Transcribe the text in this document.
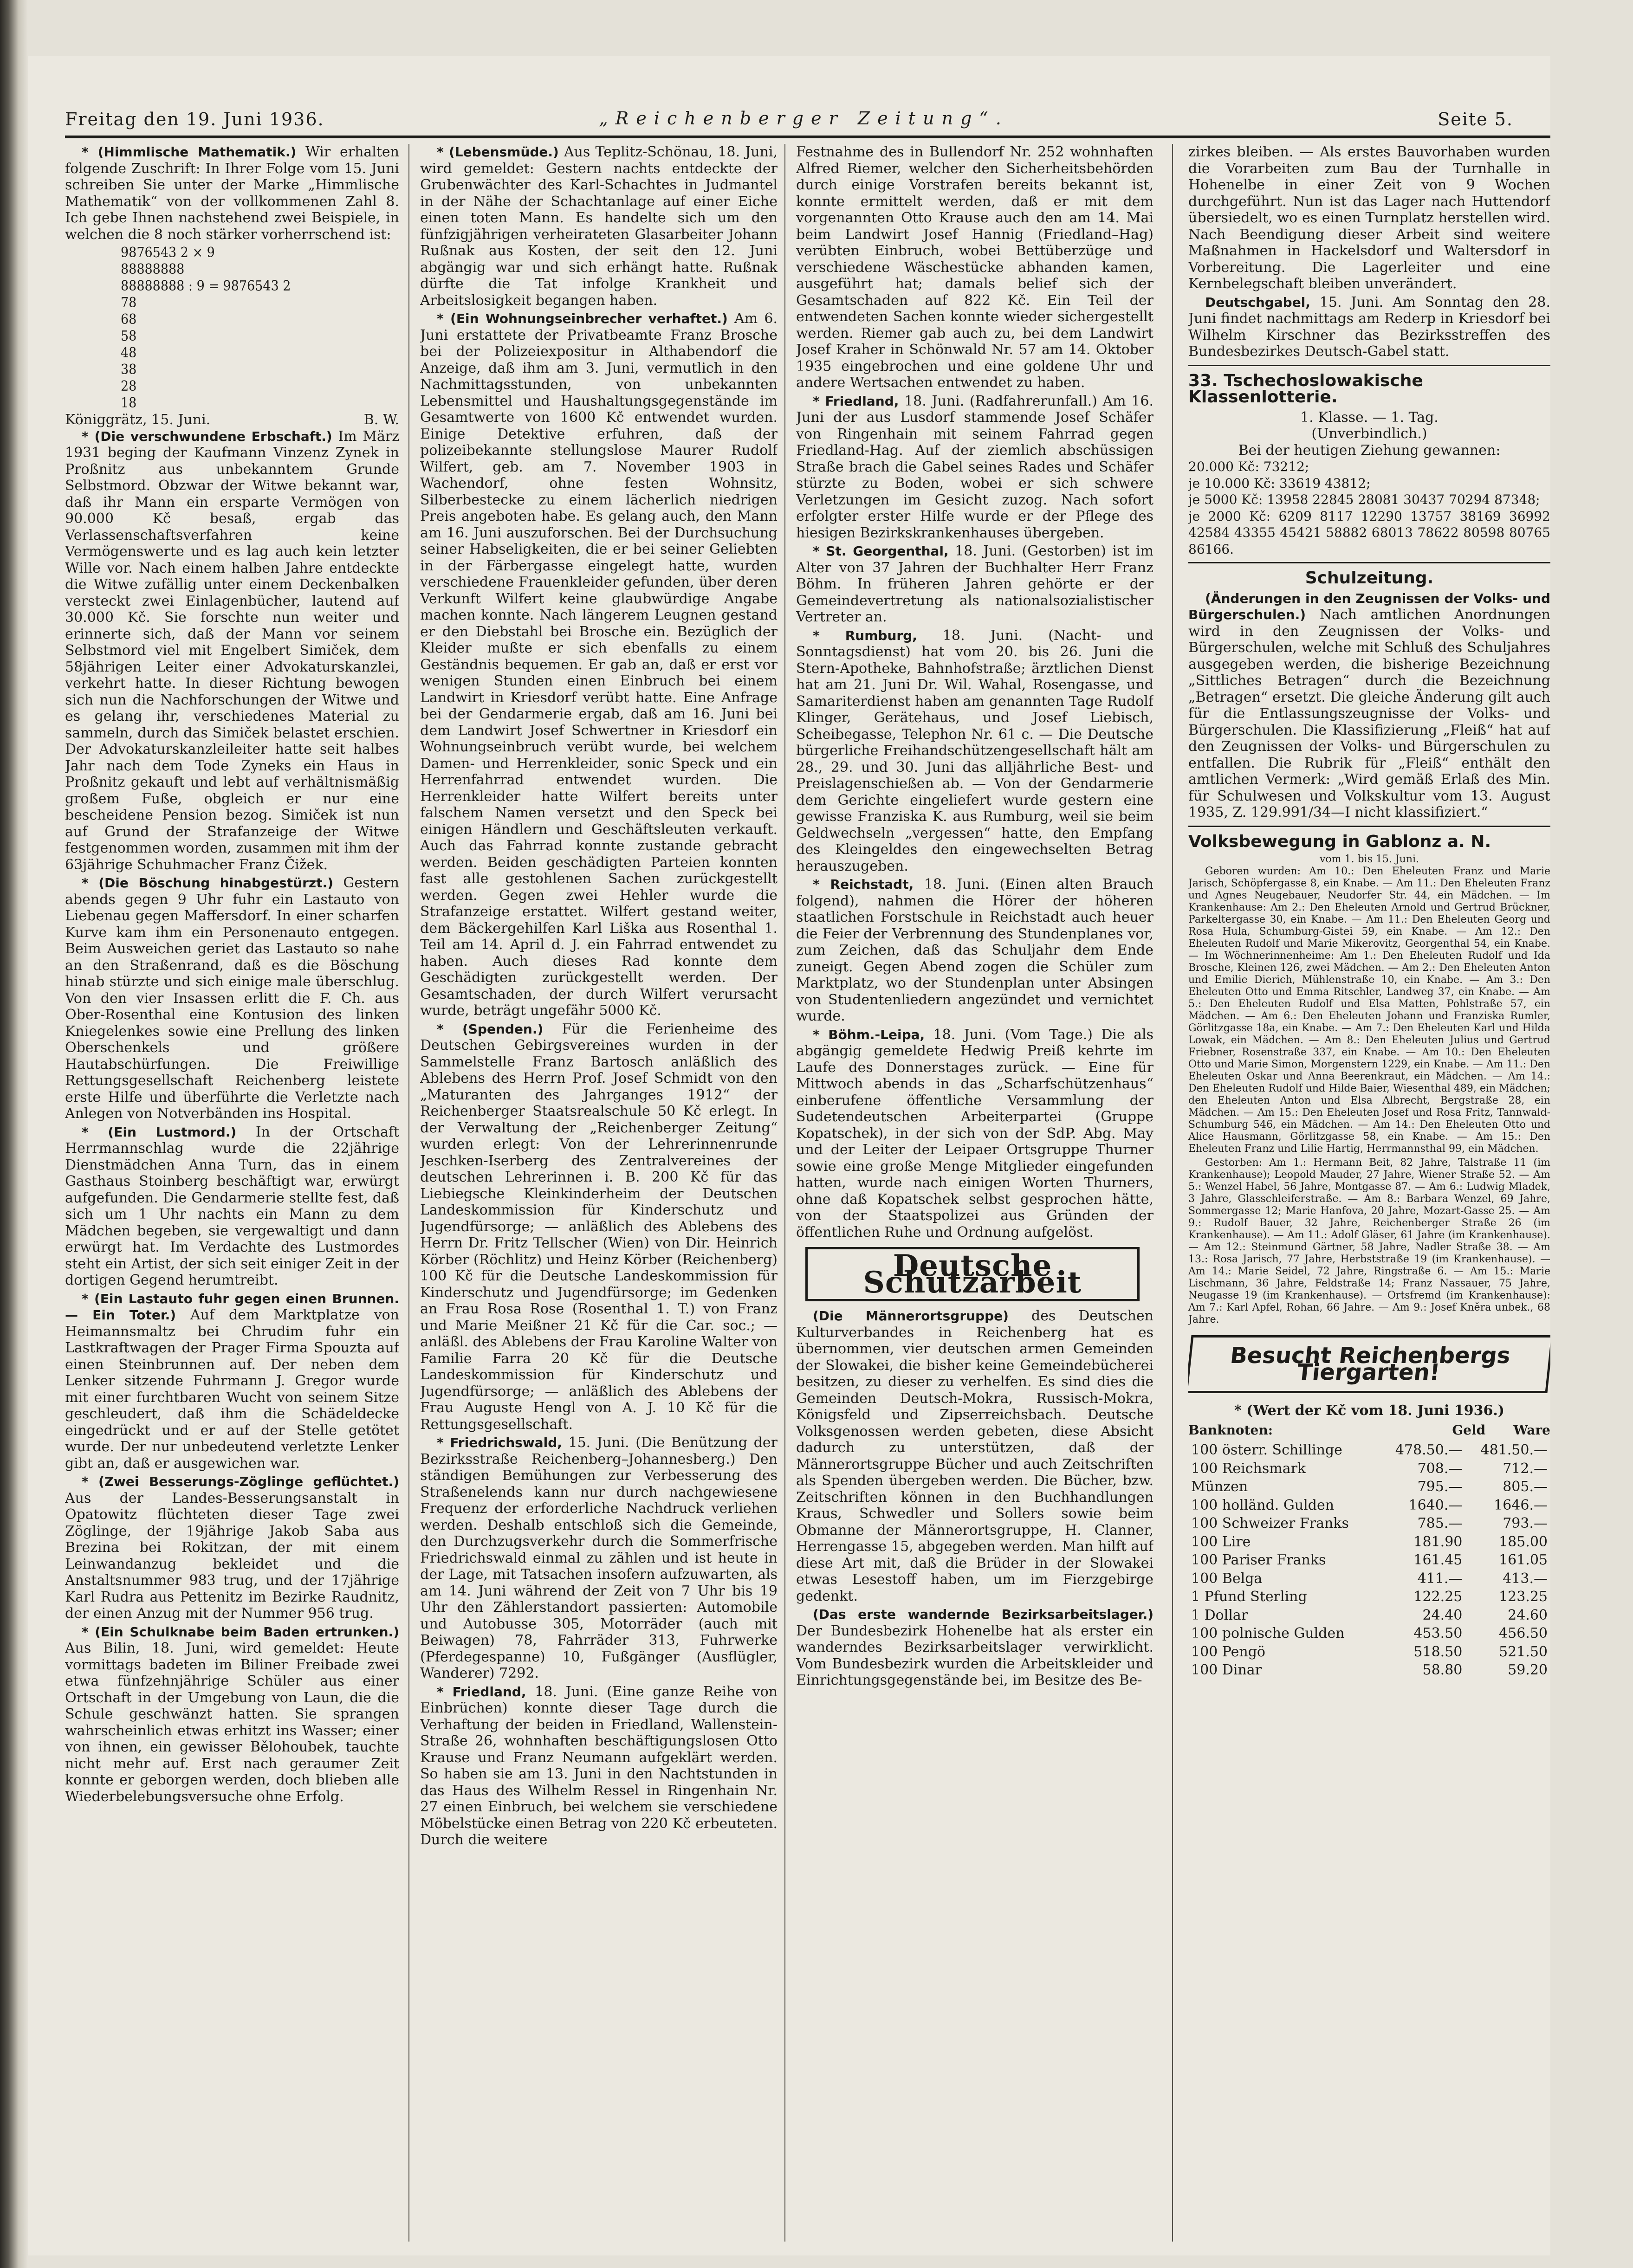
Freitag den 19. Juni 1936.	„Reichenberger Zeitung“.	Seite 5.

* (Himmlische Mathematik.) Wir erhalten folgende Zuschrift: In Ihrer Folge vom 15. Juni schreiben Sie unter der Marke „Himmlische Mathematik“ von der vollkommenen Zahl 8. Ich gebe Ihnen nachstehend zwei Beispiele, in welchen die 8 noch stärker vorherrschend ist:

9876543 2 × 9
88888888
88888888 : 9 = 9876543 2
78
68
58
48
38
28
18
Königgrätz, 15. Juni.	B. W.

* (Die verschwundene Erbschaft.) Im März 1931 beging der Kaufmann Vinzenz Zynek in Proßnitz aus unbekanntem Grunde Selbstmord. Obzwar der Witwe bekannt war, daß ihr Mann ein ersparte Vermögen von 90.000 Kč besaß, ergab das Verlassenschaftsverfahren keine Vermögenswerte und es lag auch kein letzter Wille vor. Nach einem halben Jahre entdeckte die Witwe zufällig unter einem Deckenbalken versteckt zwei Einlagenbücher, lautend auf 30.000 Kč. Sie forschte nun weiter und erinnerte sich, daß der Mann vor seinem Selbstmord viel mit Engelbert Simiček, dem 58jährigen Leiter einer Advokaturskanzlei, verkehrt hatte. In dieser Richtung bewogen sich nun die Nachforschungen der Witwe und es gelang ihr, verschiedenes Material zu sammeln, durch das Simiček belastet erschien. Der Advokaturskanzleileiter hatte seit halbes Jahr nach dem Tode Zyneks ein Haus in Proßnitz gekauft und lebt auf verhältnismäßig großem Fuße, obgleich er nur eine bescheidene Pension bezog. Simiček ist nun auf Grund der Strafanzeige der Witwe festgenommen worden, zusammen mit ihm der 63jährige Schuhmacher Franz Čižek.

* (Die Böschung hinabgestürzt.) Gestern abends gegen 9 Uhr fuhr ein Lastauto von Liebenau gegen Maffersdorf. In einer scharfen Kurve kam ihm ein Personenauto entgegen. Beim Ausweichen geriet das Lastauto so nahe an den Straßenrand, daß es die Böschung hinab stürzte und sich einige male überschlug. Von den vier Insassen erlitt die F. Ch. aus Ober-Rosenthal eine Kontusion des linken Kniegelenkes sowie eine Prellung des linken Oberschenkels und größere Hautabschürfungen. Die Freiwillige Rettungsgesellschaft Reichenberg leistete erste Hilfe und überführte die Verletzte nach Anlegen von Notverbänden ins Hospital.

* (Ein Lustmord.) In der Ortschaft Herrmannschlag wurde die 22jährige Dienstmädchen Anna Turn, das in einem Gasthaus Stoinberg beschäftigt war, erwürgt aufgefunden. Die Gendarmerie stellte fest, daß sich um 1 Uhr nachts ein Mann zu dem Mädchen begeben, sie vergewaltigt und dann erwürgt hat. Im Verdachte des Lustmordes steht ein Artist, der sich seit einiger Zeit in der dortigen Gegend herumtreibt.

* (Ein Lastauto fuhr gegen einen Brunnen. — Ein Toter.) Auf dem Marktplatze von Heimannsmaltz bei Chrudim fuhr ein Lastkraftwagen der Prager Firma Spouzta auf einen Steinbrunnen auf. Der neben dem Lenker sitzende Fuhrmann J. Gregor wurde mit einer furchtbaren Wucht von seinem Sitze geschleudert, daß ihm die Schädeldecke eingedrückt und er auf der Stelle getötet wurde. Der nur unbedeutend verletzte Lenker gibt an, daß er ausgewichen war.

* (Zwei Besserungs-Zöglinge geflüchtet.) Aus der Landes-Besserungsanstalt in Opatowitz flüchteten dieser Tage zwei Zöglinge, der 19jährige Jakob Saba aus Brezina bei Rokitzan, der mit einem Leinwandanzug bekleidet und die Anstaltsnummer 983 trug, und der 17jährige Karl Rudra aus Pettenitz im Bezirke Raudnitz, der einen Anzug mit der Nummer 956 trug.

* (Ein Schulknabe beim Baden ertrunken.) Aus Bilin, 18. Juni, wird gemeldet: Heute vormittags badeten im Biliner Freibade zwei etwa fünfzehnjährige Schüler aus einer Ortschaft in der Umgebung von Laun, die die Schule geschwänzt hatten. Sie sprangen wahrscheinlich etwas erhitzt ins Wasser; einer von ihnen, ein gewisser Bělohoubek, tauchte nicht mehr auf. Erst nach geraumer Zeit konnte er geborgen werden, doch blieben alle Wiederbelebungsversuche ohne Erfolg.

* (Lebensmüde.) Aus Teplitz-Schönau, 18. Juni, wird gemeldet: Gestern nachts entdeckte der Grubenwächter des Karl-Schachtes in Judmantel in der Nähe der Schachtanlage auf einer Eiche einen toten Mann. Es handelte sich um den fünfzigjährigen verheirateten Glasarbeiter Johann Rußnak aus Kosten, der seit den 12. Juni abgängig war und sich erhängt hatte. Rußnak dürfte die Tat infolge Krankheit und Arbeitslosigkeit begangen haben.

* (Ein Wohnungseinbrecher verhaftet.) Am 6. Juni erstattete der Privatbeamte Franz Brosche bei der Polizeiexpositur in Althabendorf die Anzeige, daß ihm am 3. Juni, vermutlich in den Nachmittagsstunden, von unbekannten Lebensmittel und Haushaltungsgegenstände im Gesamtwerte von 1600 Kč entwendet wurden. Einige Detektive erfuhren, daß der polizeibekannte stellungslose Maurer Rudolf Wilfert, geb. am 7. November 1903 in Wachendorf, ohne festen Wohnsitz, Silberbestecke zu einem lächerlich niedrigen Preis angeboten habe. Es gelang auch, den Mann am 16. Juni auszuforschen. Bei der Durchsuchung seiner Habseligkeiten, die er bei seiner Geliebten in der Färbergasse eingelegt hatte, wurden verschiedene Frauenkleider gefunden, über deren Verkunft Wilfert keine glaubwürdige Angabe machen konnte. Nach längerem Leugnen gestand er den Diebstahl bei Brosche ein. Bezüglich der Kleider mußte er sich ebenfalls zu einem Geständnis bequemen. Er gab an, daß er erst vor wenigen Stunden einen Einbruch bei einem Landwirt in Kriesdorf verübt hatte. Eine Anfrage bei der Gendarmerie ergab, daß am 16. Juni bei dem Landwirt Josef Schwertner in Kriesdorf ein Wohnungseinbruch verübt wurde, bei welchem Damen- und Herrenkleider, sonic Speck und ein Herrenfahrrad entwendet wurden. Die Herrenkleider hatte Wilfert bereits unter falschem Namen versetzt und den Speck bei einigen Händlern und Geschäftsleuten verkauft. Auch das Fahrrad konnte zustande gebracht werden. Beiden geschädigten Parteien konnten fast alle gestohlenen Sachen zurückgestellt werden. Gegen zwei Hehler wurde die Strafanzeige erstattet. Wilfert gestand weiter, dem Bäckergehilfen Karl Liška aus Rosenthal 1. Teil am 14. April d. J. ein Fahrrad entwendet zu haben. Auch dieses Rad konnte dem Geschädigten zurückgestellt werden. Der Gesamtschaden, der durch Wilfert verursacht wurde, beträgt ungefähr 5000 Kč.

* (Spenden.) Für die Ferienheime des Deutschen Gebirgsvereines wurden in der Sammelstelle Franz Bartosch anläßlich des Ablebens des Herrn Prof. Josef Schmidt von den „Maturanten des Jahrganges 1912“ der Reichenberger Staatsrealschule 50 Kč erlegt. In der Verwaltung der „Reichenberger Zeitung“ wurden erlegt: Von der Lehrerinnenrunde Jeschken-Iserberg des Zentralvereines der deutschen Lehrerinnen i. B. 200 Kč für das Liebiegsche Kleinkinderheim der Deutschen Landeskommission für Kinderschutz und Jugendfürsorge; — anläßlich des Ablebens des Herrn Dr. Fritz Tellscher (Wien) von Dir. Heinrich Körber (Röchlitz) und Heinz Körber (Reichenberg) 100 Kč für die Deutsche Landeskommission für Kinderschutz und Jugendfürsorge; im Gedenken an Frau Rosa Rose (Rosenthal 1. T.) von Franz und Marie Meißner 21 Kč für die Car. soc.; — anläßl. des Ablebens der Frau Karoline Walter von Familie Farra 20 Kč für die Deutsche Landeskommission für Kinderschutz und Jugendfürsorge; — anläßlich des Ablebens der Frau Auguste Hengl von A. J. 10 Kč für die Rettungsgesellschaft.

* Friedrichswald, 15. Juni. (Die Benützung der Bezirksstraße Reichenberg–Johannesberg.) Den ständigen Bemühungen zur Verbesserung des Straßenelends kann nur durch nachgewiesene Frequenz der erforderliche Nachdruck verliehen werden. Deshalb entschloß sich die Gemeinde, den Durchzugsverkehr durch die Sommerfrische Friedrichswald einmal zu zählen und ist heute in der Lage, mit Tatsachen insofern aufzuwarten, als am 14. Juni während der Zeit von 7 Uhr bis 19 Uhr den Zählerstandort passierten: Automobile und Autobusse 305, Motorräder (auch mit Beiwagen) 78, Fahrräder 313, Fuhrwerke (Pferdegespanne) 10, Fußgänger (Ausflügler, Wanderer) 7292.

* Friedland, 18. Juni. (Eine ganze Reihe von Einbrüchen) konnte dieser Tage durch die Verhaftung der beiden in Friedland, Wallenstein-Straße 26, wohnhaften beschäftigungslosen Otto Krause und Franz Neumann aufgeklärt werden. So haben sie am 13. Juni in den Nachtstunden in das Haus des Wilhelm Ressel in Ringenhain Nr. 27 einen Einbruch, bei welchem sie verschiedene Möbelstücke einen Betrag von 220 Kč erbeuteten. Durch die weitere

Festnahme des in Bullendorf Nr. 252 wohnhaften Alfred Riemer, welcher den Sicherheitsbehörden durch einige Vorstrafen bereits bekannt ist, konnte ermittelt werden, daß er mit dem vorgenannten Otto Krause auch den am 14. Mai beim Landwirt Josef Hannig (Friedland–Hag) verübten Einbruch, wobei Bettüberzüge und verschiedene Wäschestücke abhanden kamen, ausgeführt hat; damals belief sich der Gesamtschaden auf 822 Kč. Ein Teil der entwendeten Sachen konnte wieder sichergestellt werden. Riemer gab auch zu, bei dem Landwirt Josef Kraher in Schönwald Nr. 57 am 14. Oktober 1935 eingebrochen und eine goldene Uhr und andere Wertsachen entwendet zu haben.

* Friedland, 18. Juni. (Radfahrerunfall.) Am 16. Juni der aus Lusdorf stammende Josef Schäfer von Ringenhain mit seinem Fahrrad gegen Friedland-Hag. Auf der ziemlich abschüssigen Straße brach die Gabel seines Rades und Schäfer stürzte zu Boden, wobei er sich schwere Verletzungen im Gesicht zuzog. Nach sofort erfolgter erster Hilfe wurde er der Pflege des hiesigen Bezirkskrankenhauses übergeben.

* St. Georgenthal, 18. Juni. (Gestorben) ist im Alter von 37 Jahren der Buchhalter Herr Franz Böhm. In früheren Jahren gehörte er der Gemeindevertretung als nationalsozialistischer Vertreter an.

* Rumburg, 18. Juni. (Nacht- und Sonntagsdienst) hat vom 20. bis 26. Juni die Stern-Apotheke, Bahnhofstraße; ärztlichen Dienst hat am 21. Juni Dr. Wil. Wahal, Rosengasse, und Samariterdienst haben am genannten Tage Rudolf Klinger, Gerätehaus, und Josef Liebisch, Scheibegasse, Telephon Nr. 61 c. — Die Deutsche bürgerliche Freihandschützengesellschaft hält am 28., 29. und 30. Juni das alljährliche Best- und Preislagenschießen ab. — Von der Gendarmerie dem Gerichte eingeliefert wurde gestern eine gewisse Franziska K. aus Rumburg, weil sie beim Geldwechseln „vergessen“ hatte, den Empfang des Kleingeldes den eingewechselten Betrag herauszugeben.

* Reichstadt, 18. Juni. (Einen alten Brauch folgend), nahmen die Hörer der höheren staatlichen Forstschule in Reichstadt auch heuer die Feier der Verbrennung des Stundenplanes vor, zum Zeichen, daß das Schuljahr dem Ende zuneigt. Gegen Abend zogen die Schüler zum Marktplatz, wo der Stundenplan unter Absingen von Studentenliedern angezündet und vernichtet wurde.

* Böhm.-Leipa, 18. Juni. (Vom Tage.) Die als abgängig gemeldete Hedwig Preiß kehrte im Laufe des Donnerstages zurück. — Eine für Mittwoch abends in das „Scharfschützenhaus“ einberufene öffentliche Versammlung der Sudetendeutschen Arbeiterpartei (Gruppe Kopatschek), in der sich von der SdP. Abg. May und der Leiter der Leipaer Ortsgruppe Thurner sowie eine große Menge Mitglieder eingefunden hatten, wurde nach einigen Worten Thurners, ohne daß Kopatschek selbst gesprochen hätte, von der Staatspolizei aus Gründen der öffentlichen Ruhe und Ordnung aufgelöst.

Deutsche Schutzarbeit

(Die Männerortsgruppe) des Deutschen Kulturverbandes in Reichenberg hat es übernommen, vier deutschen armen Gemeinden der Slowakei, die bisher keine Gemeindebücherei besitzen, zu dieser zu verhelfen. Es sind dies die Gemeinden Deutsch-Mokra, Russisch-Mokra, Königsfeld und Zipserreichsbach. Deutsche Volksgenossen werden gebeten, diese Absicht dadurch zu unterstützen, daß der Männerortsgruppe Bücher und auch Zeitschriften als Spenden übergeben werden. Die Bücher, bzw. Zeitschriften können in den Buchhandlungen Kraus, Schwedler und Sollers sowie beim Obmanne der Männerortsgruppe, H. Clanner, Herrengasse 15, abgegeben werden. Man hilft auf diese Art mit, daß die Brüder in der Slowakei etwas Lesestoff haben, um im Fierzgebirge gedenkt.

(Das erste wandernde Bezirksarbeitslager.) Der Bundesbezirk Hohenelbe hat als erster ein wanderndes Bezirksarbeitslager verwirklicht. Vom Bundesbezirk wurden die Arbeitskleider und Einrichtungsgegenstände bei, im Besitze des Be-

zirkes bleiben. — Als erstes Bauvorhaben wurden die Vorarbeiten zum Bau der Turnhalle in Hohenelbe in einer Zeit von 9 Wochen durchgeführt. Nun ist das Lager nach Huttendorf übersiedelt, wo es einen Turnplatz herstellen wird. Nach Beendigung dieser Arbeit sind weitere Maßnahmen in Hackelsdorf und Waltersdorf in Vorbereitung. Die Lagerleiter und eine Kernbelegschaft bleiben unverändert.

Deutschgabel, 15. Juni. Am Sonntag den 28. Juni findet nachmittags am Rederp in Kriesdorf bei Wilhelm Kirschner das Bezirksstreffen des Bundesbezirkes Deutsch-Gabel statt.

33. Tschechoslowakische Klassenlotterie.
1. Klasse. — 1. Tag.
(Unverbindlich.)
Bei der heutigen Ziehung gewannen:
20.000 Kč: 73212;
je 10.000 Kč: 33619 43812;
je 5000 Kč: 13958 22845 28081 30437 70294 87348;
je 2000 Kč: 6209 8117 12290 13757 38169 36992 42584 43355 45421 58882 68013 78622 80598 80765 86166.
Schulzeitung.

(Änderungen in den Zeugnissen der Volks- und Bürgerschulen.) Nach amtlichen Anordnungen wird in den Zeugnissen der Volks- und Bürgerschulen, welche mit Schluß des Schuljahres ausgegeben werden, die bisherige Bezeichnung „Sittliches Betragen“ durch die Bezeichnung „Betragen“ ersetzt. Die gleiche Änderung gilt auch für die Entlassungszeugnisse der Volks- und Bürgerschulen. Die Klassifizierung „Fleiß“ hat auf den Zeugnissen der Volks- und Bürgerschulen zu entfallen. Die Rubrik für „Fleiß“ enthält den amtlichen Vermerk: „Wird gemäß Erlaß des Min. für Schulwesen und Volkskultur vom 13. August 1935, Z. 129.991/34—I nicht klassifiziert.“

Volksbewegung in Gablonz a. N.
vom 1. bis 15. Juni.

Geboren wurden: Am 10.: Den Eheleuten Franz und Marie Jarisch, Schöpfergasse 8, ein Knabe. — Am 11.: Den Eheleuten Franz und Agnes Neugebauer, Neudorfer Str. 44, ein Mädchen. — Im Krankenhause: Am 2.: Den Eheleuten Arnold und Gertrud Brückner, Parkeltergasse 30, ein Knabe. — Am 11.: Den Eheleuten Georg und Rosa Hula, Schumburg-Gistei 59, ein Knabe. — Am 12.: Den Eheleuten Rudolf und Marie Mikerovitz, Georgenthal 54, ein Knabe. — Im Wöchnerinnenheime: Am 1.: Den Eheleuten Rudolf und Ida Brosche, Kleinen 126, zwei Mädchen. — Am 2.: Den Eheleuten Anton und Emilie Dierich, Mühlenstraße 10, ein Knabe. — Am 3.: Den Eheleuten Otto und Emma Ritschler, Landweg 37, ein Knabe. — Am 5.: Den Eheleuten Rudolf und Elsa Matten, Pohlstraße 57, ein Mädchen. — Am 6.: Den Eheleuten Johann und Franziska Rumler, Görlitzgasse 18a, ein Knabe. — Am 7.: Den Eheleuten Karl und Hilda Lowak, ein Mädchen. — Am 8.: Den Eheleuten Julius und Gertrud Friebner, Rosenstraße 337, ein Knabe. — Am 10.: Den Eheleuten Otto und Marie Simon, Morgenstern 1229, ein Knabe. — Am 11.: Den Eheleuten Oskar und Anna Beerenkraut, ein Mädchen. — Am 14.: Den Eheleuten Rudolf und Hilde Baier, Wiesenthal 489, ein Mädchen; den Eheleuten Anton und Elsa Albrecht, Bergstraße 28, ein Mädchen. — Am 15.: Den Eheleuten Josef und Rosa Fritz, Tannwald-Schumburg 546, ein Mädchen. — Am 14.: Den Eheleuten Otto und Alice Hausmann, Görlitzgasse 58, ein Knabe. — Am 15.: Den Eheleuten Franz und Lilie Hartig, Herrmannsthal 99, ein Mädchen.

Gestorben: Am 1.: Hermann Beit, 82 Jahre, Talstraße 11 (im Krankenhause); Leopold Mauder, 27 Jahre, Wiener Straße 52. — Am 5.: Wenzel Habel, 56 Jahre, Montgasse 87. — Am 6.: Ludwig Mladek, 3 Jahre, Glasschleiferstraße. — Am 8.: Barbara Wenzel, 69 Jahre, Sommergasse 12; Marie Hanfova, 20 Jahre, Mozart-Gasse 25. — Am 9.: Rudolf Bauer, 32 Jahre, Reichenberger Straße 26 (im Krankenhause). — Am 11.: Adolf Gläser, 61 Jahre (im Krankenhause). — Am 12.: Steinmund Gärtner, 58 Jahre, Nadler Straße 38. — Am 13.: Rosa Jarisch, 77 Jahre, Herbststraße 19 (im Krankenhause). — Am 14.: Marie Seidel, 72 Jahre, Ringstraße 6. — Am 15.: Marie Lischmann, 36 Jahre, Feldstraße 14; Franz Nassauer, 75 Jahre, Neugasse 19 (im Krankenhause). — Ortsfremd (im Krankenhause): Am 7.: Karl Apfel, Rohan, 66 Jahre. — Am 9.: Josef Kněra unbek., 68 Jahre.

Besucht Reichenbergs Tiergarten!
* (Wert der Kč vom 18. Juni 1936.)
Banknoten:	Geld Ware
100 österr. Schillinge	478.50.—	481.50.—
100 Reichsmark	708.—	712.—
Münzen	795.—	805.—
100 holländ. Gulden	1640.—	1646.—
100 Schweizer Franks	785.—	793.—
100 Lire	181.90	185.00
100 Pariser Franks	161.45	161.05
100 Belga	411.—	413.—
1 Pfund Sterling	122.25	123.25
1 Dollar	24.40	24.60
100 polnische Gulden	453.50	456.50
100 Pengö	518.50	521.50
100 Dinar	58.80	59.20
